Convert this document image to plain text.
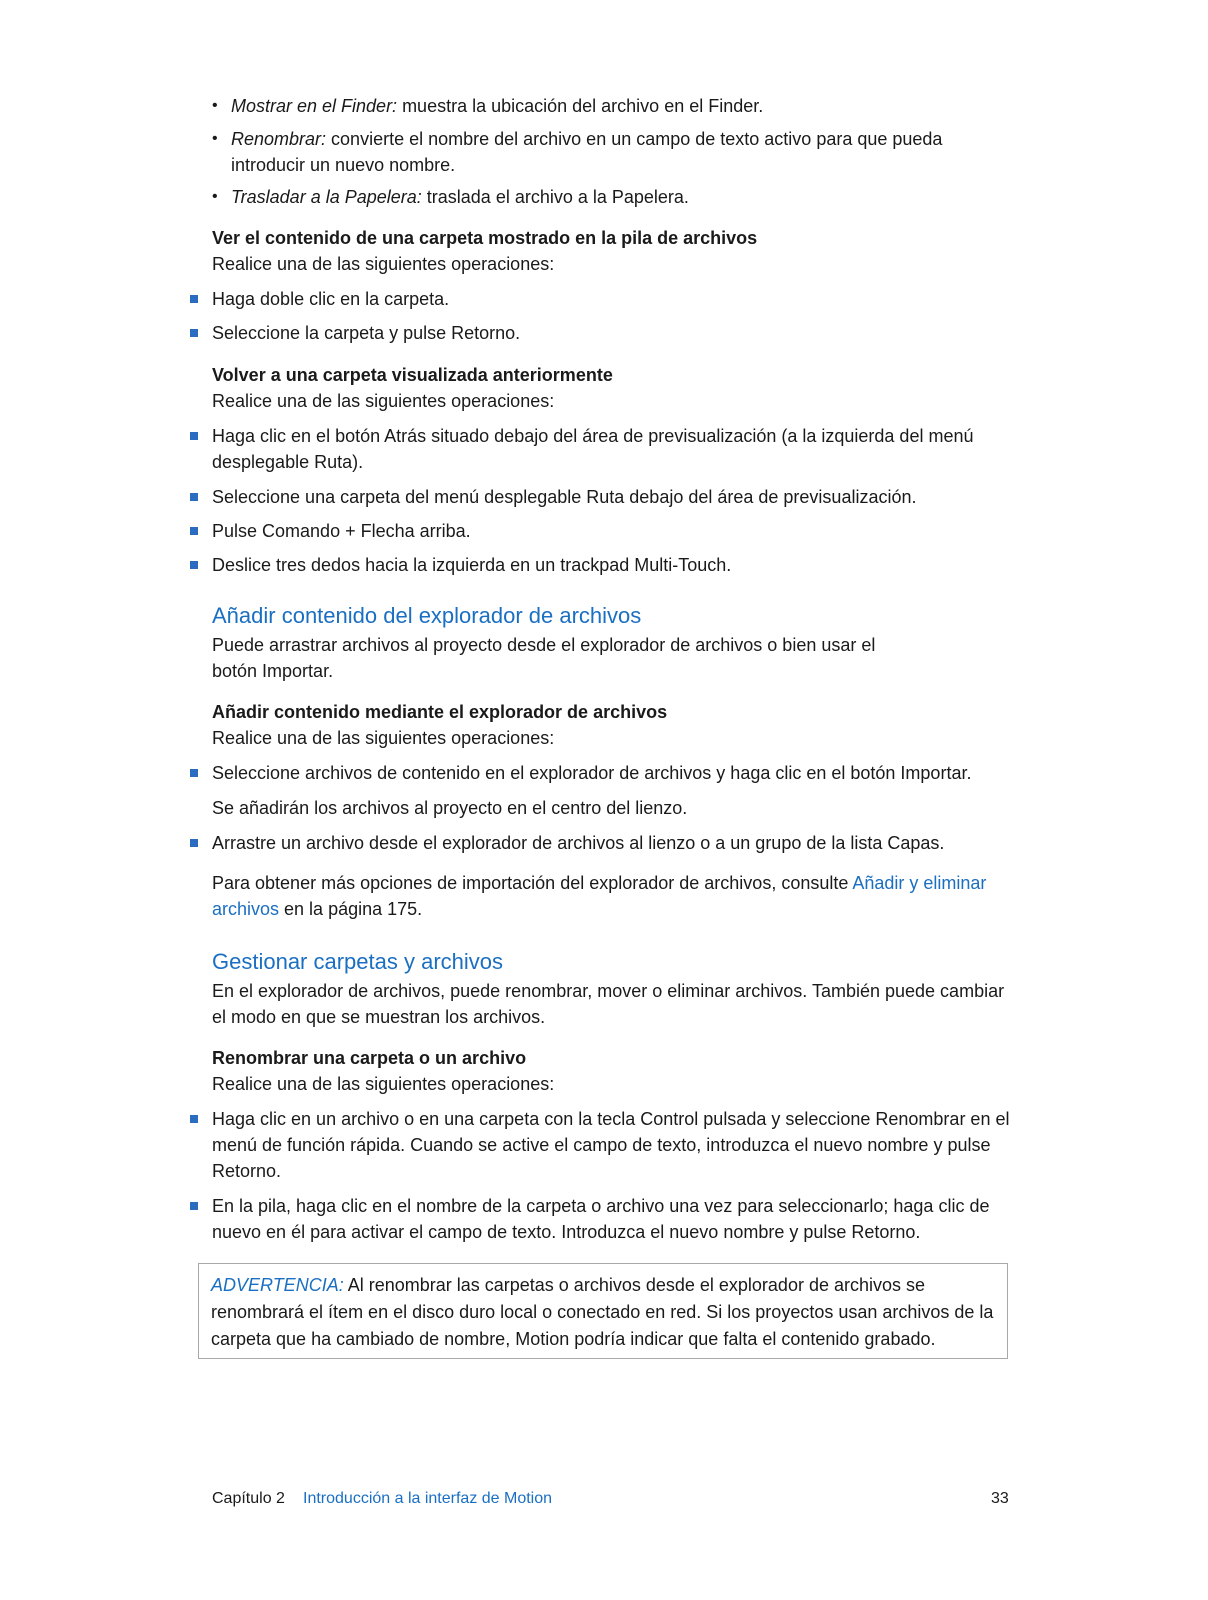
•

Mostrar en el Finder: muestra la ubicación del archivo en el Finder.

•

Renombrar: convierte el nombre del archivo en un campo de texto activo para que pueda introducir un nuevo nombre.

•

Trasladar a la Papelera: traslada el archivo a la Papelera.

Ver el contenido de una carpeta mostrado en la pila de archivos

Realice una de las siguientes operaciones:

Haga doble clic en la carpeta.

Seleccione la carpeta y pulse Retorno.

Volver a una carpeta visualizada anteriormente

Realice una de las siguientes operaciones:

Haga clic en el botón Atrás situado debajo del área de previsualización (a la izquierda del menú desplegable Ruta).

Seleccione una carpeta del menú desplegable Ruta debajo del área de previsualización.

Pulse Comando + Flecha arriba.

Deslice tres dedos hacia la izquierda en un trackpad Multi-Touch.

Añadir contenido del explorador de archivos

Puede arrastrar archivos al proyecto desde el explorador de archivos o bien usar el botón Importar.

Añadir contenido mediante el explorador de archivos

Realice una de las siguientes operaciones:

Seleccione archivos de contenido en el explorador de archivos y haga clic en el botón Importar.

Se añadirán los archivos al proyecto en el centro del lienzo.

Arrastre un archivo desde el explorador de archivos al lienzo o a un grupo de la lista Capas.

Para obtener más opciones de importación del explorador de archivos, consulte Añadir y eliminar archivos en la página 175.

Gestionar carpetas y archivos

En el explorador de archivos, puede renombrar, mover o eliminar archivos. También puede cambiar el modo en que se muestran los archivos.

Renombrar una carpeta o un archivo

Realice una de las siguientes operaciones:

Haga clic en un archivo o en una carpeta con la tecla Control pulsada y seleccione Renombrar en el menú de función rápida. Cuando se active el campo de texto, introduzca el nuevo nombre y pulse Retorno.

En la pila, haga clic en el nombre de la carpeta o archivo una vez para seleccionarlo; haga clic de nuevo en él para activar el campo de texto. Introduzca el nuevo nombre y pulse Retorno.

ADVERTENCIA: Al renombrar las carpetas o archivos desde el explorador de archivos se renombrará el ítem en el disco duro local o conectado en red. Si los proyectos usan archivos de la carpeta que ha cambiado de nombre, Motion podría indicar que falta el contenido grabado.

Capítulo 2 Introducción a la interfaz de Motion	33
